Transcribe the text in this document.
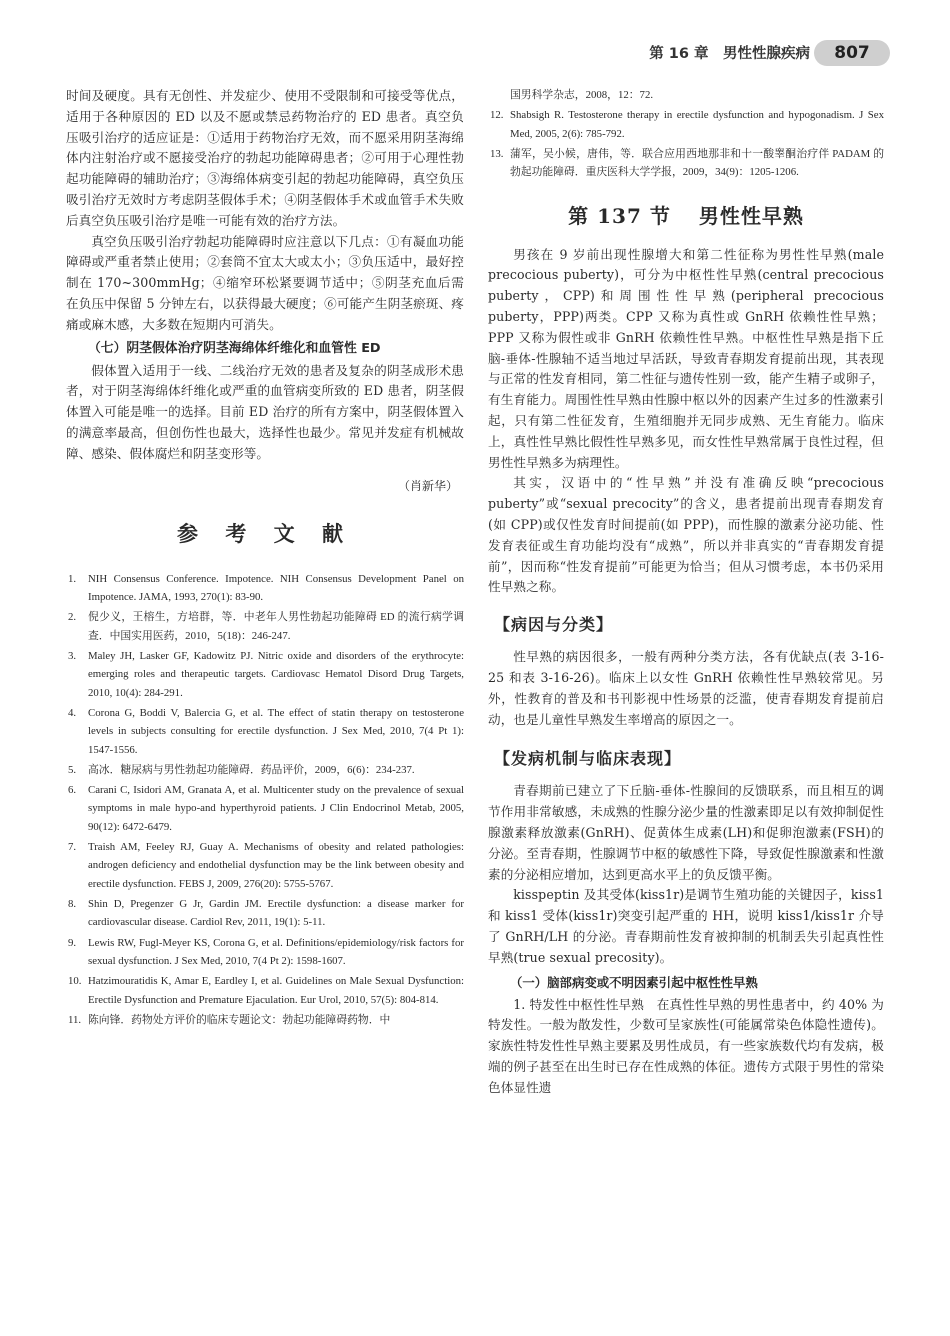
第 16 章　男性性腺疾病	807

时间及硬度。具有无创性、并发症少、使用不受限制和可接受等优点，适用于各种原因的 ED 以及不愿或禁忌药物治疗的 ED 患者。真空负压吸引治疗的适应证是：①适用于药物治疗无效，而不愿采用阴茎海绵体内注射治疗或不愿接受治疗的勃起功能障碍患者；②可用于心理性勃起功能障碍的辅助治疗；③海绵体病变引起的勃起功能障碍，真空负压吸引治疗无效时方考虑阴茎假体手术；④阴茎假体手术或血管手术失败后真空负压吸引治疗是唯一可能有效的治疗方法。

真空负压吸引治疗勃起功能障碍时应注意以下几点：①有凝血功能障碍或严重者禁止使用；②套筒不宜太大或太小；③负压适中，最好控制在 170~300mmHg；④缩窄环松紧要调节适中；⑤阴茎充血后需在负压中保留 5 分钟左右，以获得最大硬度；⑥可能产生阴茎瘀斑、疼痛或麻木感，大多数在短期内可消失。

（七）阴茎假体治疗阴茎海绵体纤维化和血管性 ED

假体置入适用于一线、二线治疗无效的患者及复杂的阴茎成形术患者，对于阴茎海绵体纤维化或严重的血管病变所致的 ED 患者，阴茎假体置入可能是唯一的选择。目前 ED 治疗的所有方案中，阴茎假体置入的满意率最高，但创伤性也最大，选择性也最少。常见并发症有机械故障、感染、假体腐烂和阴茎变形等。

（肖新华）
参 考 文 献
1. NIH Consensus Conference. Impotence. NIH Consensus Development Panel on Impotence. JAMA, 1993, 270(1): 83-90.
2. 倪少义，王榕生，方培群，等．中老年人男性勃起功能障碍 ED 的流行病学调查．中国实用医药，2010，5(18)：246-247.
3. Maley JH, Lasker GF, Kadowitz PJ. Nitric oxide and disorders of the erythrocyte: emerging roles and therapeutic targets. Cardiovasc Hematol Disord Drug Targets, 2010, 10(4): 284-291.
4. Corona G, Boddi V, Balercia G, et al. The effect of statin therapy on testosterone levels in subjects consulting for erectile dysfunction. J Sex Med, 2010, 7(4 Pt 1): 1547-1556.
5. 高冰．糖尿病与男性勃起功能障碍．药品评价，2009，6(6)：234-237.
6. Carani C, Isidori AM, Granata A, et al. Multicenter study on the prevalence of sexual symptoms in male hypo-and hyperthyroid patients. J Clin Endocrinol Metab, 2005, 90(12): 6472-6479.
7. Traish AM, Feeley RJ, Guay A. Mechanisms of obesity and related pathologies: androgen deficiency and endothelial dysfunction may be the link between obesity and erectile dysfunction. FEBS J, 2009, 276(20): 5755-5767.
8. Shin D, Pregenzer G Jr, Gardin JM. Erectile dysfunction: a disease marker for cardiovascular disease. Cardiol Rev, 2011, 19(1): 5-11.
9. Lewis RW, Fugl-Meyer KS, Corona G, et al. Definitions/epidemiology/risk factors for sexual dysfunction. J Sex Med, 2010, 7(4 Pt 2): 1598-1607.
10. Hatzimouratidis K, Amar E, Eardley I, et al. Guidelines on Male Sexual Dysfunction: Erectile Dysfunction and Premature Ejaculation. Eur Urol, 2010, 57(5): 804-814.
11. 陈向锋．药物处方评价的临床专题论文：勃起功能障碍药物．中
国男科学杂志，2008，12：72.
12. Shabsigh R. Testosterone therapy in erectile dysfunction and hypogonadism. J Sex Med, 2005, 2(6): 785-792.
13. 蒲军，吴小候，唐伟，等．联合应用西地那非和十一酸睾酮治疗伴 PADAM 的勃起功能障碍．重庆医科大学学报，2009，34(9)：1205-1206.
第 137 节 男性性早熟

男孩在 9 岁前出现性腺增大和第二性征称为男性性早熟(male precocious puberty)，可分为中枢性性早熟(central precocious puberty，CPP)和周围性性早熟(peripheral precocious puberty，PPP)两类。CPP 又称为真性或 GnRH 依赖性性早熟；PPP 又称为假性或非 GnRH 依赖性性早熟。中枢性性早熟是指下丘脑-垂体-性腺轴不适当地过早活跃，导致青春期发育提前出现，其表现与正常的性发育相同，第二性征与遗传性别一致，能产生精子或卵子，有生育能力。周围性性早熟由性腺中枢以外的因素产生过多的性激素引起，只有第二性征发育，生殖细胞并无同步成熟、无生育能力。临床上，真性性早熟比假性性早熟多见，而女性性早熟常属于良性过程，但男性性早熟多为病理性。

其实，汉语中的“性早熟”并没有准确反映“precocious puberty”或“sexual precocity”的含义，患者提前出现青春期发育(如 CPP)或仅性发育时间提前(如 PPP)，而性腺的激素分泌功能、性发育表征或生育功能均没有“成熟”，所以并非真实的“青春期发育提前”，因而称“性发育提前”可能更为恰当；但从习惯考虑，本书仍采用性早熟之称。

【病因与分类】

性早熟的病因很多，一般有两种分类方法，各有优缺点(表 3-16-25 和表 3-16-26)。临床上以女性 GnRH 依赖性性早熟较常见。另外，性教育的普及和书刊影视中性场景的泛滥，使青春期发育提前启动，也是儿童性早熟发生率增高的原因之一。

【发病机制与临床表现】

青春期前已建立了下丘脑-垂体-性腺间的反馈联系，而且相互的调节作用非常敏感，未成熟的性腺分泌少量的性激素即足以有效抑制促性腺激素释放激素(GnRH)、促黄体生成素(LH)和促卵泡激素(FSH)的分泌。至青春期，性腺调节中枢的敏感性下降，导致促性腺激素和性激素的分泌相应增加，达到更高水平上的负反馈平衡。

kisspeptin 及其受体(kiss1r)是调节生殖功能的关键因子，kiss1 和 kiss1 受体(kiss1r)突变引起严重的 HH，说明 kiss1/kiss1r 介导了 GnRH/LH 的分泌。青春期前性发育被抑制的机制丢失引起真性性早熟(true sexual precosity)。

（一）脑部病变或不明因素引起中枢性性早熟

1. 特发性中枢性性早熟　在真性性早熟的男性患者中，约 40% 为特发性。一般为散发性，少数可呈家族性(可能属常染色体隐性遗传)。家族性特发性性早熟主要累及男性成员，有一些家族数代均有发病，极端的例子甚至在出生时已存在性成熟的体征。遗传方式限于男性的常染色体显性遗
